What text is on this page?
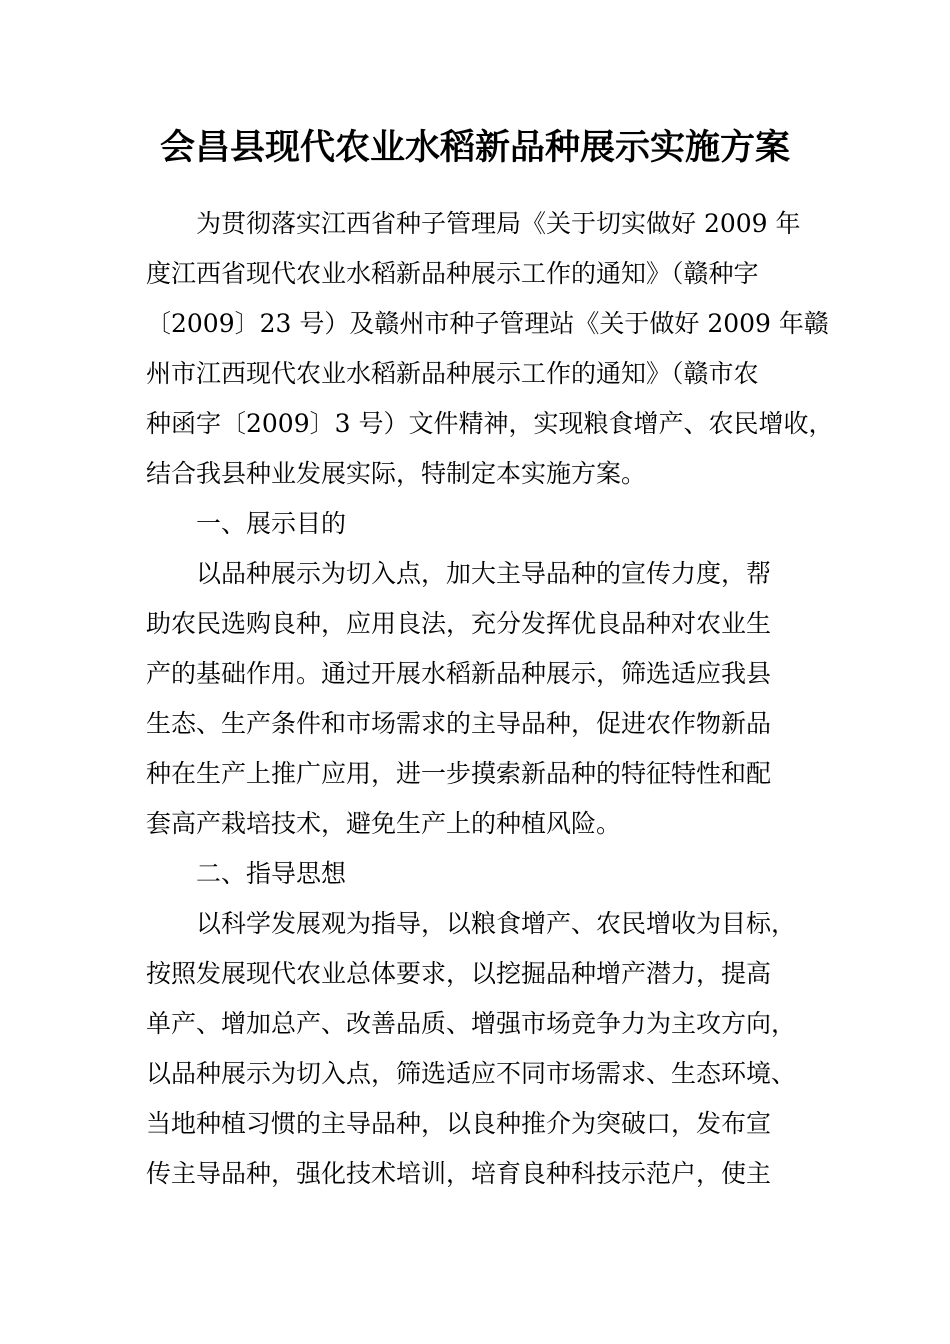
会昌县现代农业水稻新品种展示实施方案
为贯彻落实江西省种子管理局《关于切实做好 2009 年
度江西省现代农业水稻新品种展示工作的通知》（赣种字
〔2009〕23 号）及赣州市种子管理站《关于做好 2009 年赣
州市江西现代农业水稻新品种展示工作的通知》（赣市农
种函字〔2009〕3 号）文件精神，实现粮食增产、农民增收，
结合我县种业发展实际，特制定本实施方案。
一、展示目的
以品种展示为切入点，加大主导品种的宣传力度，帮
助农民选购良种，应用良法，充分发挥优良品种对农业生
产的基础作用。通过开展水稻新品种展示，筛选适应我县
生态、生产条件和市场需求的主导品种，促进农作物新品
种在生产上推广应用，进一步摸索新品种的特征特性和配
套高产栽培技术，避免生产上的种植风险。
二、指导思想
以科学发展观为指导，以粮食增产、农民增收为目标，
按照发展现代农业总体要求，以挖掘品种增产潜力，提高
单产、增加总产、改善品质、增强市场竞争力为主攻方向，
以品种展示为切入点，筛选适应不同市场需求、生态环境、
当地种植习惯的主导品种，以良种推介为突破口，发布宣
传主导品种，强化技术培训，培育良种科技示范户，使主
